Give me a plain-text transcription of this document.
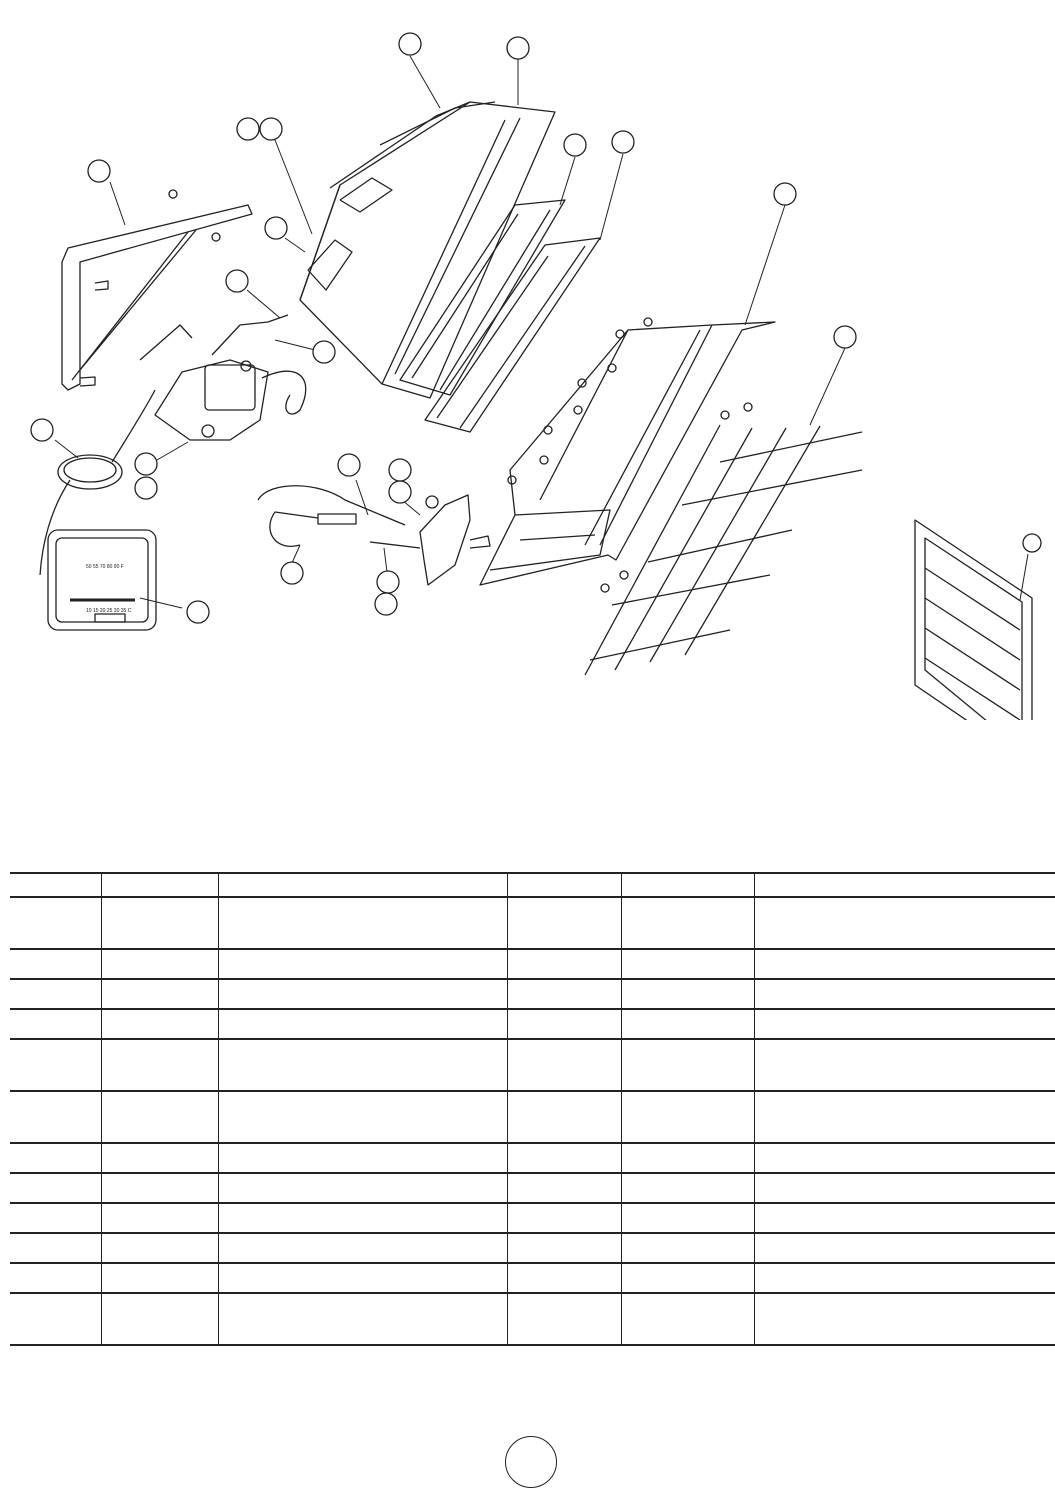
50 55 70 80 90 F
10 15 20 25 30 35 C
